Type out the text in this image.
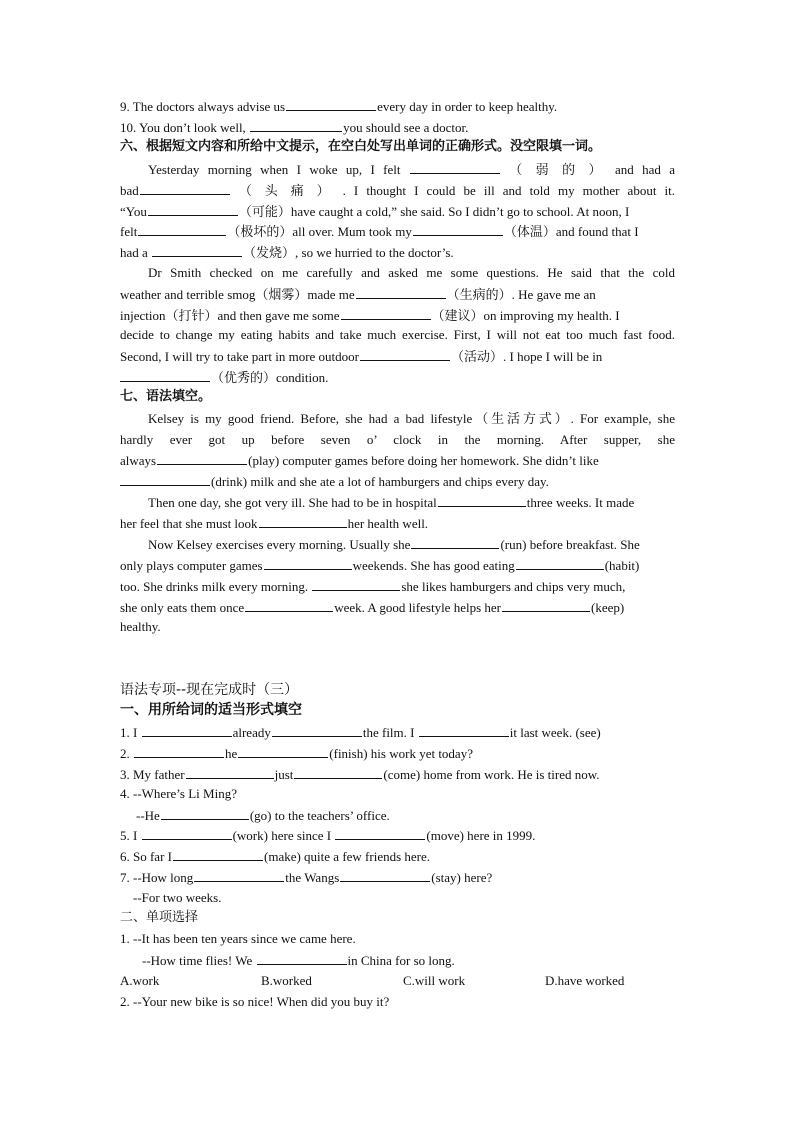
9. The doctors always advise us	every day in order to keep healthy.
10. You don’t look well,	you should see a doctor.
六、根据短文内容和所给中文提示，在空白处写出单词的正确形式。没空限填一词。
Yesterday morning when I woke up, I felt	（ 弱 的 ） and had a
bad	（ 头 痛 ） . I thought I could be ill and told my mother about it.
“You	（可能）have caught a cold,” she said. So I didn’t go to school. At noon, I
felt	（极坏的）all over. Mum took my	（体温）and found that I
had a	（发烧）, so we hurried to the doctor’s.
Dr Smith checked on me carefully and asked me some questions. He said that the cold
weather and terrible smog（烟雾）made me	（生病的）. He gave me an
injection（打针）and then gave me some	（建议）on improving my health. I
decide to change my eating habits and take much exercise. First, I will not eat too much fast food.
Second, I will try to take part in more outdoor	（活动）. I hope I will be in
（优秀的）condition.
七、语法填空。
Kelsey is my good friend. Before, she had a bad lifestyle（生活方式）. For example, she
hardly ever got up before seven o’ clock in the morning. After supper, she
always	(play) computer games before doing her homework. She didn’t like
(drink) milk and she ate a lot of hamburgers and chips every day.
Then one day, she got very ill. She had to be in hospital	three weeks. It made
her feel that she must look	her health well.
Now Kelsey exercises every morning. Usually she	(run) before breakfast. She
only plays computer games	weekends. She has good eating	(habit)
too. She drinks milk every morning.	she likes hamburgers and chips very much,
she only eats them once	week. A good lifestyle helps her	(keep)
healthy.
语法专项--现在完成时（三）
一、用所给词的适当形式填空
1. I	already	the film. I	it last week. (see)
2.	he	(finish) his work yet today?
3. My father	just	(come) home from work. He is tired now.
4. --Where’s Li Ming?
--He	(go) to the teachers’ office.
5. I	(work) here since I	(move) here in 1999.
6. So far I	(make) quite a few friends here.
7. --How long	the Wangs	(stay) here?
--For two weeks.
二、单项选择
1. --It has been ten years since we came here.
--How time flies! We	in China for so long.
A.work	B.worked	C.will work	D.have worked
2. --Your new bike is so nice! When did you buy it?
